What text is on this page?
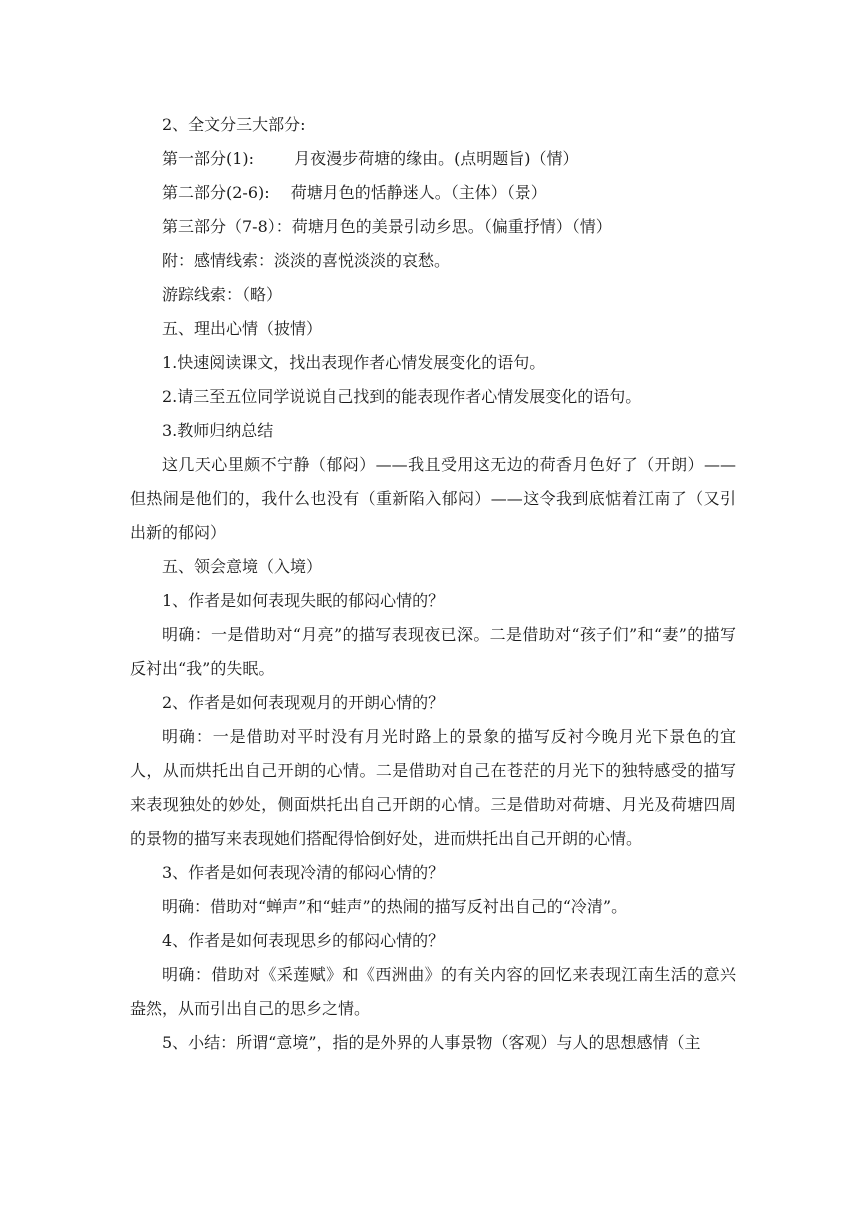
2、全文分三大部分:
第一部分(1):	月夜漫步荷塘的缘由。(点明题旨)（情）
第二部分(2-6):　 荷塘月色的恬静迷人。（主体）（景）
第三部分（7-8）：荷塘月色的美景引动乡思。（偏重抒情）（情）
附：感情线索：淡淡的喜悦淡淡的哀愁。
游踪线索：（略）
五、理出心情（披情）
1.快速阅读课文，找出表现作者心情发展变化的语句。
2.请三至五位同学说说自己找到的能表现作者心情发展变化的语句。
3.教师归纳总结

这几天心里颇不宁静（郁闷）——我且受用这无边的荷香月色好了（开朗）——但热闹是他们的，我什么也没有（重新陷入郁闷）——这令我到底惦着江南了（又引出新的郁闷）

五、领会意境（入境）
1、作者是如何表现失眠的郁闷心情的？

明确：一是借助对“月亮”的描写表现夜已深。二是借助对“孩子们”和“妻”的描写反衬出“我”的失眠。

2、作者是如何表现观月的开朗心情的？

明确：一是借助对平时没有月光时路上的景象的描写反衬今晚月光下景色的宜人，从而烘托出自己开朗的心情。二是借助对自己在苍茫的月光下的独特感受的描写来表现独处的妙处，侧面烘托出自己开朗的心情。三是借助对荷塘、月光及荷塘四周的景物的描写来表现她们搭配得恰倒好处，进而烘托出自己开朗的心情。

3、作者是如何表现冷清的郁闷心情的？

明确：借助对“蝉声”和“蛙声”的热闹的描写反衬出自己的“冷清”。

4、作者是如何表现思乡的郁闷心情的？

明确：借助对《采莲赋》和《西洲曲》的有关内容的回忆来表现江南生活的意兴盎然，从而引出自己的思乡之情。

5、小结：所谓“意境”，指的是外界的人事景物（客观）与人的思想感情（主
